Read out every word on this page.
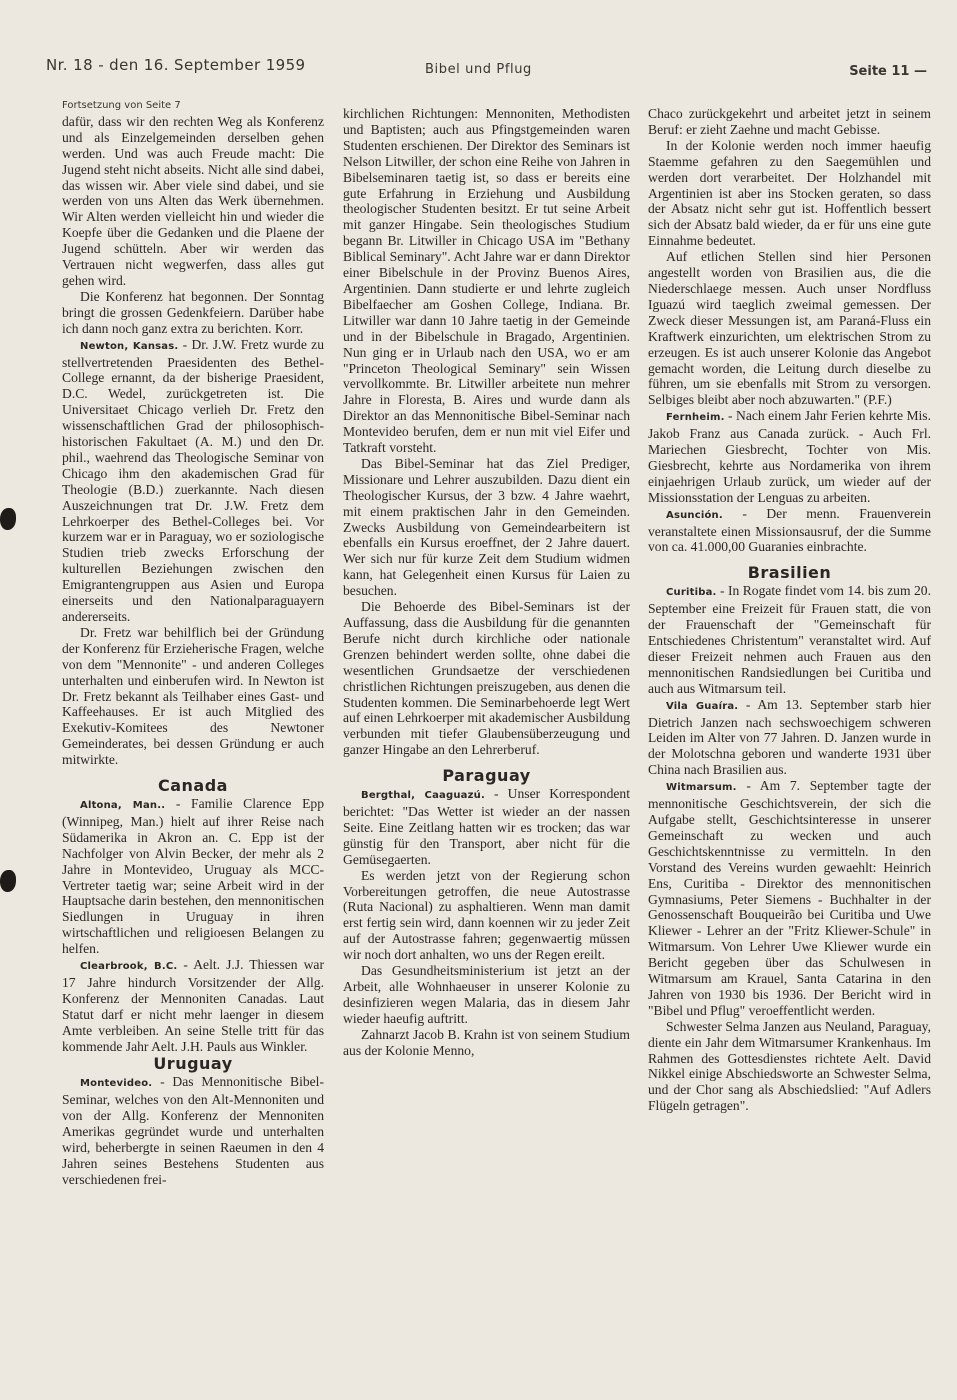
Nr. 18 - den 16. September 1959	Bibel und Pflug	Seite 11 —

Fortsetzung von Seite 7

dafür, dass wir den rechten Weg als Konferenz und als Einzelgemeinden derselben gehen werden. Und was auch Freude macht: Die Jugend steht nicht abseits. Nicht alle sind dabei, das wissen wir. Aber viele sind dabei, und sie werden von uns Alten das Werk übernehmen. Wir Alten werden vielleicht hin und wieder die Koepfe über die Gedanken und die Plaene der Jugend schütteln. Aber wir werden das Vertrauen nicht wegwerfen, dass alles gut gehen wird.

Die Konferenz hat begonnen. Der Sonntag bringt die grossen Gedenkfeiern. Darüber habe ich dann noch ganz extra zu berichten. Korr.

Newton, Kansas. - Dr. J.W. Fretz wurde zu stellvertretenden Praesidenten des Bethel-College ernannt, da der bisherige Praesident, D.C. Wedel, zurückgetreten ist. Die Universitaet Chicago verlieh Dr. Fretz den wissenschaftlichen Grad der philosophisch-historischen Fakultaet (A. M.) und den Dr. phil., waehrend das Theologische Seminar von Chicago ihm den akademischen Grad für Theologie (B.D.) zuerkannte. Nach diesen Auszeichnungen trat Dr. J.W. Fretz dem Lehrkoerper des Bethel-Colleges bei. Vor kurzem war er in Paraguay, wo er soziologische Studien trieb zwecks Erforschung der kulturellen Beziehungen zwischen den Emigrantengruppen aus Asien und Europa einerseits und den Nationalparaguayern andererseits.

Dr. Fretz war behilflich bei der Gründung der Konferenz für Erzieherische Fragen, welche von dem "Mennonite" - und anderen Colleges unterhalten und einberufen wird. In Newton ist Dr. Fretz bekannt als Teilhaber eines Gast- und Kaffeehauses. Er ist auch Mitglied des Exekutiv-Komitees des Newtoner Gemeinderates, bei dessen Gründung er auch mitwirkte.

Canada

Altona, Man.. - Familie Clarence Epp (Winnipeg, Man.) hielt auf ihrer Reise nach Südamerika in Akron an. C. Epp ist der Nachfolger von Alvin Becker, der mehr als 2 Jahre in Montevideo, Uruguay als MCC-Vertreter taetig war; seine Arbeit wird in der Hauptsache darin bestehen, den mennonitischen Siedlungen in Uruguay in ihren wirtschaftlichen und religioesen Belangen zu helfen.

Clearbrook, B.C. - Aelt. J.J. Thiessen war 17 Jahre hindurch Vorsitzender der Allg. Konferenz der Mennoniten Canadas. Laut Statut darf er nicht mehr laenger in diesem Amte verbleiben. An seine Stelle tritt für das kommende Jahr Aelt. J.H. Pauls aus Winkler.

Uruguay

Montevideo. - Das Mennonitische Bibel-Seminar, welches von den Alt-Mennoniten und von der Allg. Konferenz der Mennoniten Amerikas gegründet wurde und unterhalten wird, beherbergte in seinen Raeumen in den 4 Jahren seines Bestehens Studenten aus verschiedenen frei-

kirchlichen Richtungen: Mennoniten, Methodisten und Baptisten; auch aus Pfingstgemeinden waren Studenten erschienen. Der Direktor des Seminars ist Nelson Litwiller, der schon eine Reihe von Jahren in Bibelseminaren taetig ist, so dass er bereits eine gute Erfahrung in Erziehung und Ausbildung theologischer Studenten besitzt. Er tut seine Arbeit mit ganzer Hingabe. Sein theologisches Studium begann Br. Litwiller in Chicago USA im "Bethany Biblical Seminary". Acht Jahre war er dann Direktor einer Bibelschule in der Provinz Buenos Aires, Argentinien. Dann studierte er und lehrte zugleich Bibelfaecher am Goshen College, Indiana. Br. Litwiller war dann 10 Jahre taetig in der Gemeinde und in der Bibelschule in Bragado, Argentinien. Nun ging er in Urlaub nach den USA, wo er am "Princeton Theological Seminary" sein Wissen vervollkommte. Br. Litwiller arbeitete nun mehrer Jahre in Floresta, B. Aires und wurde dann als Direktor an das Mennonitische Bibel-Seminar nach Montevideo berufen, dem er nun mit viel Eifer und Tatkraft vorsteht.

Das Bibel-Seminar hat das Ziel Prediger, Missionare und Lehrer auszubilden. Dazu dient ein Theologischer Kursus, der 3 bzw. 4 Jahre waehrt, mit einem praktischen Jahr in den Gemeinden. Zwecks Ausbildung von Gemeindearbeitern ist ebenfalls ein Kursus eroeffnet, der 2 Jahre dauert. Wer sich nur für kurze Zeit dem Studium widmen kann, hat Gelegenheit einen Kursus für Laien zu besuchen.

Die Behoerde des Bibel-Seminars ist der Auffassung, dass die Ausbildung für die genannten Berufe nicht durch kirchliche oder nationale Grenzen behindert werden sollte, ohne dabei die wesentlichen Grundsaetze der verschiedenen christlichen Richtungen preiszugeben, aus denen die Studenten kommen. Die Seminarbehoerde legt Wert auf einen Lehrkoerper mit akademischer Ausbildung verbunden mit tiefer Glaubensüberzeugung und ganzer Hingabe an den Lehrerberuf.

Paraguay

Bergthal, Caaguazú. - Unser Korrespondent berichtet: "Das Wetter ist wieder an der nassen Seite. Eine Zeitlang hatten wir es trocken; das war günstig für den Transport, aber nicht für die Gemüsegaerten.

Es werden jetzt von der Regierung schon Vorbereitungen getroffen, die neue Autostrasse (Ruta Nacional) zu asphaltieren. Wenn man damit erst fertig sein wird, dann koennen wir zu jeder Zeit auf der Autostrasse fahren; gegenwaertig müssen wir noch dort anhalten, wo uns der Regen ereilt.

Das Gesundheitsministerium ist jetzt an der Arbeit, alle Wohnhaeuser in unserer Kolonie zu desinfizieren wegen Malaria, das in diesem Jahr wieder haeufig auftritt.

Zahnarzt Jacob B. Krahn ist von seinem Studium aus der Kolonie Menno,

Chaco zurückgekehrt und arbeitet jetzt in seinem Beruf: er zieht Zaehne und macht Gebisse.

In der Kolonie werden noch immer haeufig Staemme gefahren zu den Saegemühlen und werden dort verarbeitet. Der Holzhandel mit Argentinien ist aber ins Stocken geraten, so dass der Absatz nicht sehr gut ist. Hoffentlich bessert sich der Absatz bald wieder, da er für uns eine gute Einnahme bedeutet.

Auf etlichen Stellen sind hier Personen angestellt worden von Brasilien aus, die die Niederschlaege messen. Auch unser Nordfluss Iguazú wird taeglich zweimal gemessen. Der Zweck dieser Messungen ist, am Paraná-Fluss ein Kraftwerk einzurichten, um elektrischen Strom zu erzeugen. Es ist auch unserer Kolonie das Angebot gemacht worden, die Leitung durch dieselbe zu führen, um sie ebenfalls mit Strom zu versorgen. Selbiges bleibt aber noch abzuwarten." (P.F.)

Fernheim. - Nach einem Jahr Ferien kehrte Mis. Jakob Franz aus Canada zurück. - Auch Frl. Mariechen Giesbrecht, Tochter von Mis. Giesbrecht, kehrte aus Nordamerika von ihrem einjaehrigen Urlaub zurück, um wieder auf der Missionsstation der Lenguas zu arbeiten.

Asunción. - Der menn. Frauenverein veranstaltete einen Missionsausruf, der die Summe von ca. 41.000,00 Guaranies einbrachte.

Brasilien

Curitiba. - In Rogate findet vom 14. bis zum 20. September eine Freizeit für Frauen statt, die von der Frauenschaft der "Gemeinschaft für Entschiedenes Christentum" veranstaltet wird. Auf dieser Freizeit nehmen auch Frauen aus den mennonitischen Randsiedlungen bei Curitiba und auch aus Witmarsum teil.

Vila Guaíra. - Am 13. September starb hier Dietrich Janzen nach sechswoechigem schweren Leiden im Alter von 77 Jahren. D. Janzen wurde in der Molotschna geboren und wanderte 1931 über China nach Brasilien aus.

Witmarsum. - Am 7. September tagte der mennonitische Geschichtsverein, der sich die Aufgabe stellt, Geschichtsinteresse in unserer Gemeinschaft zu wecken und auch Geschichtskenntnisse zu vermitteln. In den Vorstand des Vereins wurden gewaehlt: Heinrich Ens, Curitiba - Direktor des mennonitischen Gymnasiums, Peter Siemens - Buchhalter in der Genossenschaft Bouqueirão bei Curitiba und Uwe Kliewer - Lehrer an der "Fritz Kliewer-Schule" in Witmarsum. Von Lehrer Uwe Kliewer wurde ein Bericht gegeben über das Schulwesen in Witmarsum am Krauel, Santa Catarina in den Jahren von 1930 bis 1936. Der Bericht wird in "Bibel und Pflug" veroeffentlicht werden.

Schwester Selma Janzen aus Neuland, Paraguay, diente ein Jahr dem Witmarsumer Krankenhaus. Im Rahmen des Gottesdienstes richtete Aelt. David Nikkel einige Abschiedsworte an Schwester Selma, und der Chor sang als Abschiedslied: "Auf Adlers Flügeln getragen".
